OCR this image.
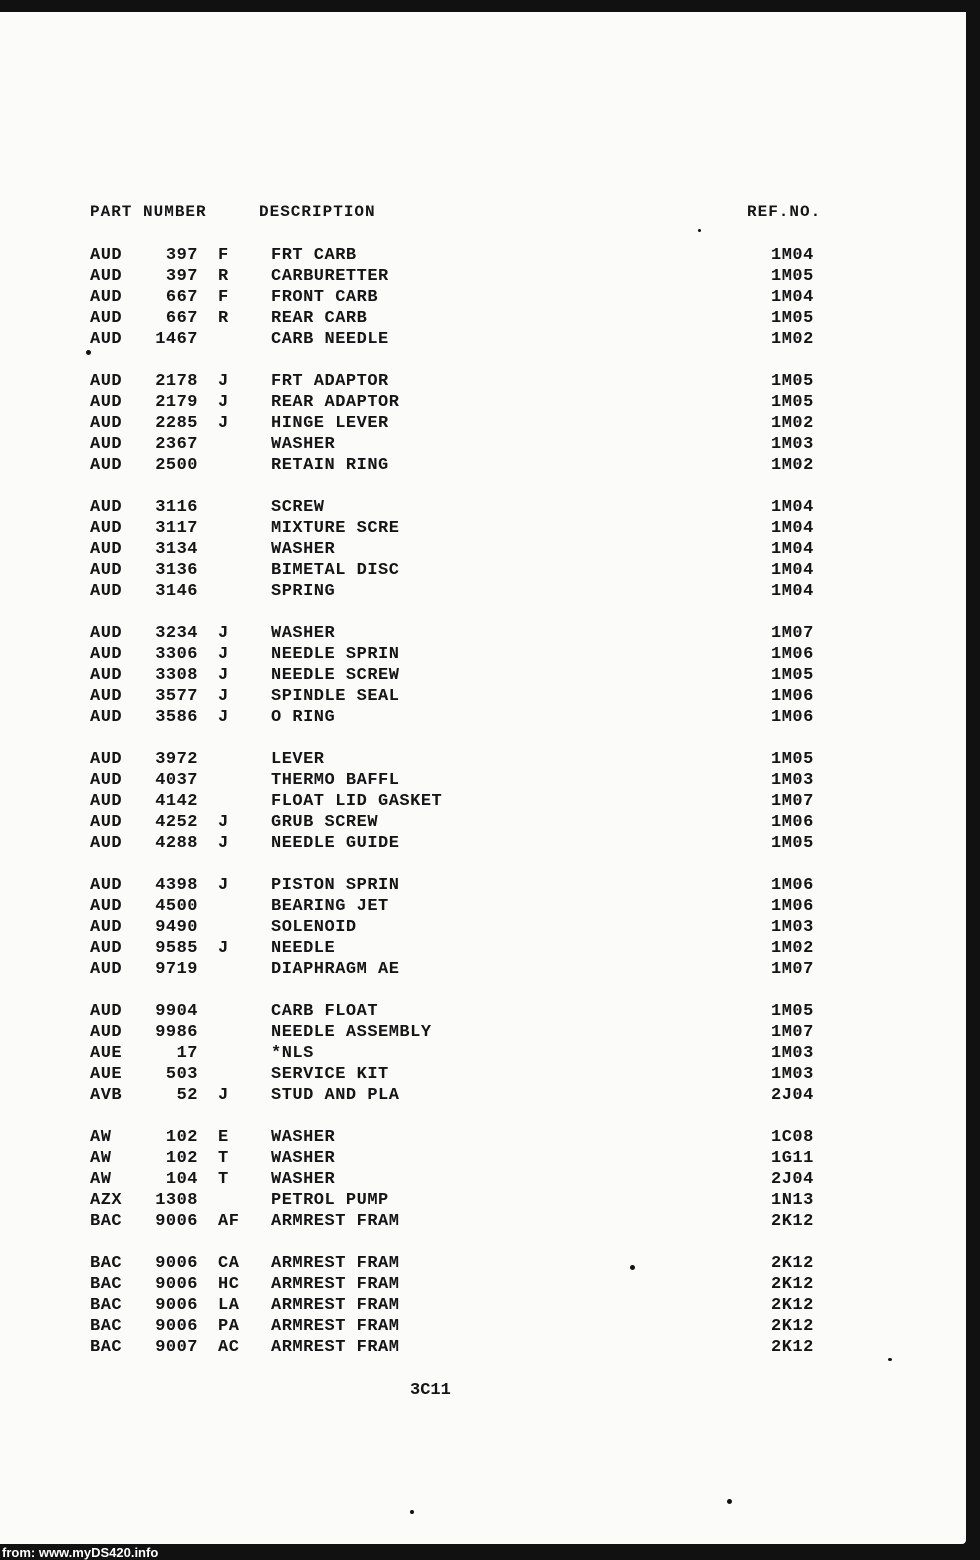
PART NUMBER	DESCRIPTION	REF.NO.
AUD	397 F	FRT CARB	1M04
AUD	397 R	CARBURETTER	1M05
AUD	667 F	FRONT CARB	1M04
AUD	667 R	REAR CARB	1M05
AUD	1467	CARB NEEDLE	1M02
AUD	2178 J	FRT ADAPTOR	1M05
AUD	2179 J	REAR ADAPTOR	1M05
AUD	2285 J	HINGE LEVER	1M02
AUD	2367	WASHER	1M03
AUD	2500	RETAIN RING	1M02
AUD	3116	SCREW	1M04
AUD	3117	MIXTURE SCRE	1M04
AUD	3134	WASHER	1M04
AUD	3136	BIMETAL DISC	1M04
AUD	3146	SPRING	1M04
AUD	3234 J	WASHER	1M07
AUD	3306 J	NEEDLE SPRIN	1M06
AUD	3308 J	NEEDLE SCREW	1M05
AUD	3577 J	SPINDLE SEAL	1M06
AUD	3586 J	O RING	1M06
AUD	3972	LEVER	1M05
AUD	4037	THERMO BAFFL	1M03
AUD	4142	FLOAT LID GASKET	1M07
AUD	4252 J	GRUB SCREW	1M06
AUD	4288 J	NEEDLE GUIDE	1M05
AUD	4398 J	PISTON SPRIN	1M06
AUD	4500	BEARING JET	1M06
AUD	9490	SOLENOID	1M03
AUD	9585 J	NEEDLE	1M02
AUD	9719	DIAPHRAGM AE	1M07
AUD	9904	CARB FLOAT	1M05
AUD	9986	NEEDLE ASSEMBLY	1M07
AUE	17	*NLS	1M03
AUE	503	SERVICE KIT	1M03
AVB	52 J	STUD AND PLA	2J04
AW	102 E	WASHER	1C08
AW	102 T	WASHER	1G11
AW	104 T	WASHER	2J04
AZX	1308	PETROL PUMP	1N13
BAC	9006 AF	ARMREST FRAM	2K12
BAC	9006 CA	ARMREST FRAM	2K12
BAC	9006 HC	ARMREST FRAM	2K12
BAC	9006 LA	ARMREST FRAM	2K12
BAC	9006 PA	ARMREST FRAM	2K12
BAC	9007 AC	ARMREST FRAM	2K12
3C11
from: www.myDS420.info
